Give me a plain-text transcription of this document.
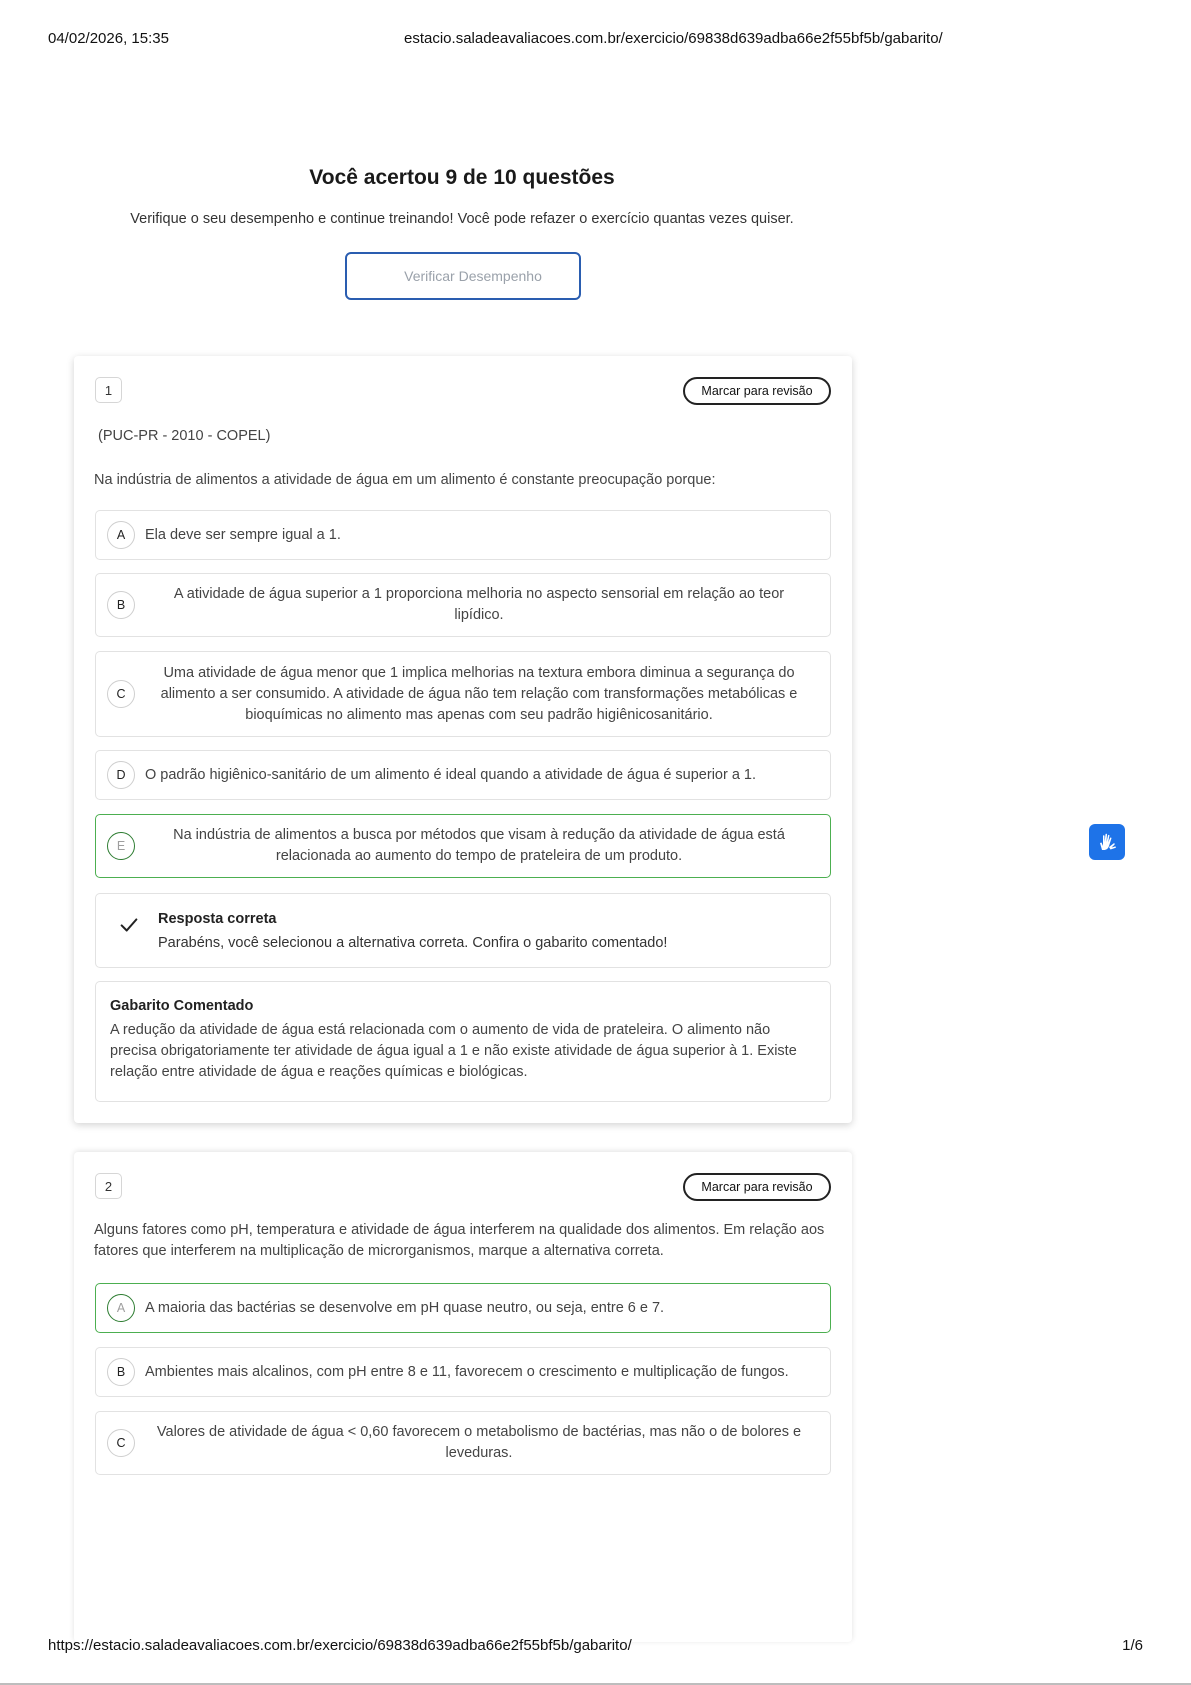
04/02/2026, 15:35	estacio.saladeavaliacoes.com.br/exercicio/69838d639adba66e2f55bf5b/gabarito/
Você acertou 9 de 10 questões
Verifique o seu desempenho e continue treinando! Você pode refazer o exercício quantas vezes quiser.
Verificar Desempenho
1	Marcar para revisão
(PUC-PR - 2010 - COPEL)
Na indústria de alimentos a atividade de água em um alimento é constante preocupação porque:
A	Ela deve ser sempre igual a 1.
B
A atividade de água superior a 1 proporciona melhoria no aspecto sensorial em relação ao teor lipídico.
C
Uma atividade de água menor que 1 implica melhorias na textura embora diminua a segurança do alimento a ser consumido. A atividade de água não tem relação com transformações metabólicas e bioquímicas no alimento mas apenas com seu padrão higiênicosanitário.
D	O padrão higiênico-sanitário de um alimento é ideal quando a atividade de água é superior a 1.
E
Na indústria de alimentos a busca por métodos que visam à redução da atividade de água está relacionada ao aumento do tempo de prateleira de um produto.
Resposta correta
Parabéns, você selecionou a alternativa correta. Confira o gabarito comentado!
Gabarito Comentado
A redução da atividade de água está relacionada com o aumento de vida de prateleira. O alimento não precisa obrigatoriamente ter atividade de água igual a 1 e não existe atividade de água superior à 1. Existe relação entre atividade de água e reações químicas e biológicas.
2	Marcar para revisão
Alguns fatores como pH, temperatura e atividade de água interferem na qualidade dos alimentos. Em relação aos fatores que interferem na multiplicação de microrganismos, marque a alternativa correta.
A	A maioria das bactérias se desenvolve em pH quase neutro, ou seja, entre 6 e 7.
B	Ambientes mais alcalinos, com pH entre 8 e 11, favorecem o crescimento e multiplicação de fungos.
C
Valores de atividade de água < 0,60 favorecem o metabolismo de bactérias, mas não o de bolores e leveduras.
https://estacio.saladeavaliacoes.com.br/exercicio/69838d639adba66e2f55bf5b/gabarito/	1/6
